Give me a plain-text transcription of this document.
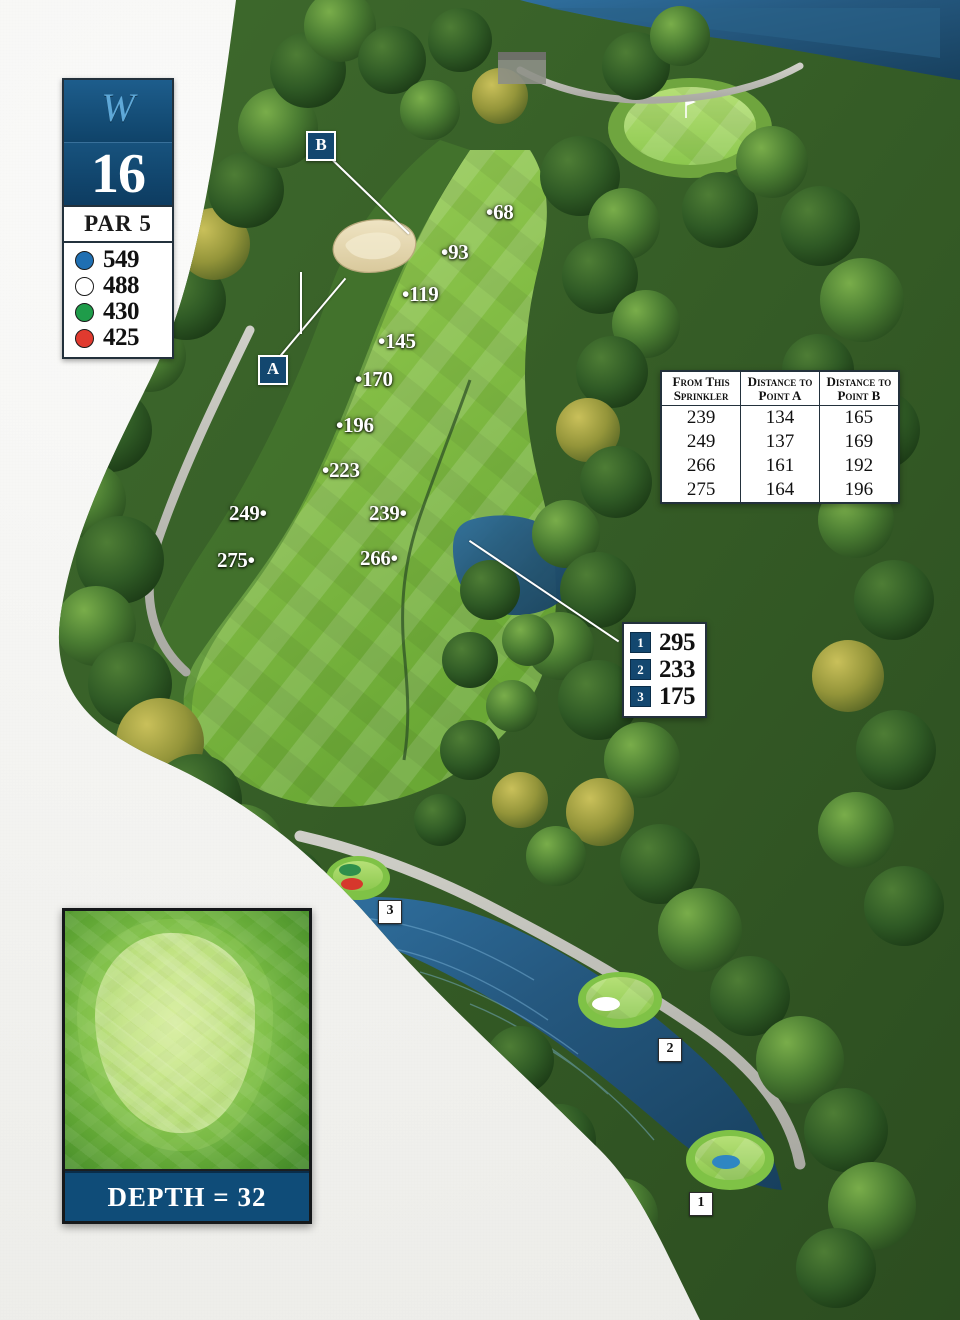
W
16
PAR 5
549
488
430
425
B
A
•68
•93
•119
•145
•170
•196
•223
239•
249•
266•
275•
From This Sprinkler	Distance to Point A	Distance to Point B
239	134	165
249	137	169
266	161	192
275	164	196
1 295
2 233
3 175
3
2
1
DEPTH = 32
